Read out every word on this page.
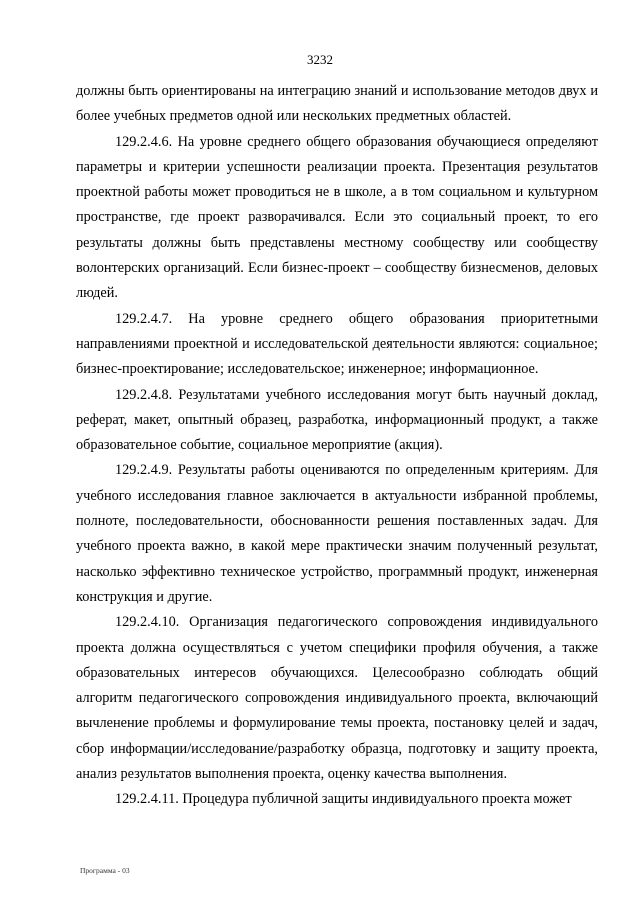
3232

должны быть ориентированы на интеграцию знаний и использование методов двух и более учебных предметов одной или нескольких предметных областей.

129.2.4.6. На уровне среднего общего образования обучающиеся определяют параметры и критерии успешности реализации проекта. Презентация результатов проектной работы может проводиться не в школе, а в том социальном и культурном пространстве, где проект разворачивался. Если это социальный проект, то его результаты должны быть представлены местному сообществу или сообществу волонтерских организаций. Если бизнес-проект – сообществу бизнесменов, деловых людей.

129.2.4.7. На уровне среднего общего образования приоритетными направлениями проектной и исследовательской деятельности являются: социальное; бизнес-проектирование; исследовательское; инженерное; информационное.

129.2.4.8. Результатами учебного исследования могут быть научный доклад, реферат, макет, опытный образец, разработка, информационный продукт, а также образовательное событие, социальное мероприятие (акция).

129.2.4.9. Результаты работы оцениваются по определенным критериям. Для учебного исследования главное заключается в актуальности избранной проблемы, полноте, последовательности, обоснованности решения поставленных задач. Для учебного проекта важно, в какой мере практически значим полученный результат, насколько эффективно техническое устройство, программный продукт, инженерная конструкция и другие.

129.2.4.10. Организация педагогического сопровождения индивидуального проекта должна осуществляться с учетом специфики профиля обучения, а также образовательных интересов обучающихся. Целесообразно соблюдать общий алгоритм педагогического сопровождения индивидуального проекта, включающий вычленение проблемы и формулирование темы проекта, постановку целей и задач, сбор информации/исследование/разработку образца, подготовку и защиту проекта, анализ результатов выполнения проекта, оценку качества выполнения.

129.2.4.11. Процедура публичной защиты индивидуального проекта может

Программа - 03
